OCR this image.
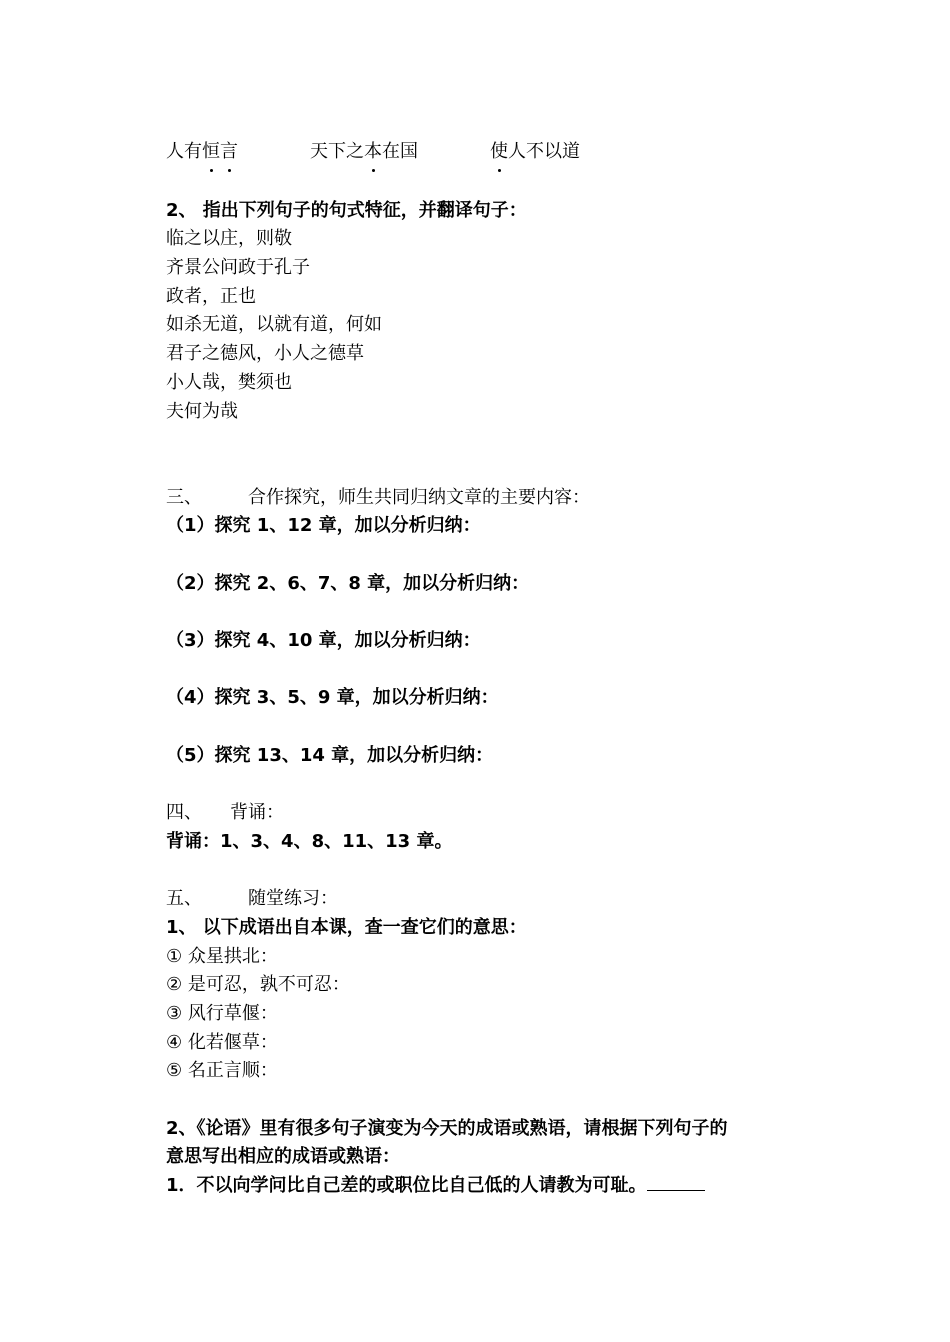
人有恒言	天下之本在国	使人不以道
2、 指出下列句子的句式特征，并翻译句子：
临之以庄，则敬
齐景公问政于孔子
政者，正也
如杀无道，以就有道，何如
君子之德风，小人之德草
小人哉，樊须也
夫何为哉
三、	合作探究，师生共同归纳文章的主要内容：
（1）探究 1、12 章，加以分析归纳：
（2）探究 2、6、7、8 章，加以分析归纳：
（3）探究 4、10 章，加以分析归纳：
（4）探究 3、5、9 章，加以分析归纳：
（5）探究 13、14 章，加以分析归纳：
四、 背诵：
背诵：1、3、4、8、11、13 章。
五、	随堂练习：
1、 以下成语出自本课，查一查它们的意思：
① 众星拱北：
② 是可忍，孰不可忍：
③ 风行草偃：
④ 化若偃草：
⑤ 名正言顺：
2、《论语》里有很多句子演变为今天的成语或熟语，请根据下列句子的
意思写出相应的成语或熟语：
1．不以向学问比自己差的或职位比自己低的人请教为可耻。
